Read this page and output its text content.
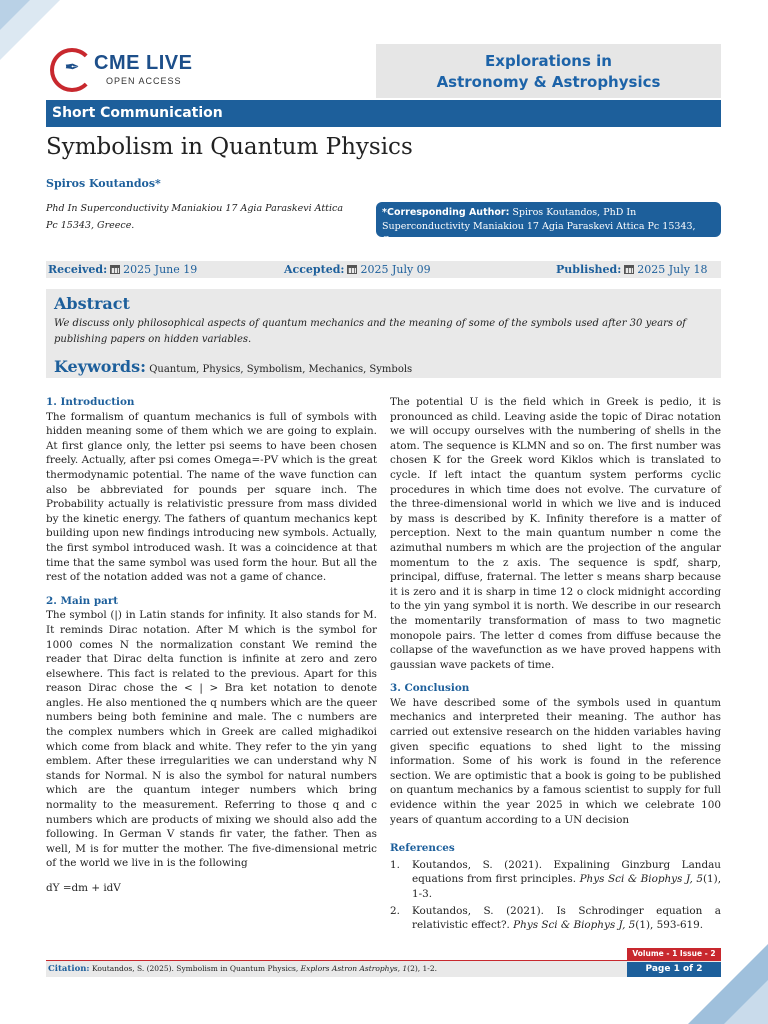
✒ CME LIVE
OPEN ACCESS
Explorations in
Astronomy & Astrophysics
Short Communication
Symbolism in Quantum Physics
Spiros Koutandos*
Phd In Superconductivity Maniakiou 17 Agia Paraskevi Attica Pc 15343, Greece.
*Corresponding Author: Spiros Koutandos, PhD In Superconductivity Maniakiou 17 Agia Paraskevi Attica Pc 15343, Greece.
Received: 2025 June 19	Accepted: 2025 July 09	Published: 2025 July 18
Abstract
We discuss only philosophical aspects of quantum mechanics and the meaning of some of the symbols used after 30 years of publishing papers on hidden variables.
Keywords: Quantum, Physics, Symbolism, Mechanics, Symbols
1. Introduction
The formalism of quantum mechanics is full of symbols with hidden meaning some of them which we are going to explain. At first glance only, the letter psi seems to have been chosen freely. Actually, after psi comes Omega=-PV which is the great thermodynamic potential. The name of the wave function can also be abbreviated for pounds per square inch. The Probability actually is relativistic pressure from mass divided by the kinetic energy. The fathers of quantum mechanics kept building upon new findings introducing new symbols. Actually, the first symbol introduced wash. It was a coincidence at that time that the same symbol was used form the hour. But all the rest of the notation added was not a game of chance.
2. Main part
The symbol (|) in Latin stands for infinity. It also stands for M. It reminds Dirac notation. After M which is the symbol for 1000 comes N the normalization constant We remind the reader that Dirac delta function is infinite at zero and zero elsewhere. This fact is related to the previous. Apart for this reason Dirac chose the < | > Bra ket notation to denote angles. He also mentioned the q numbers which are the queer numbers being both feminine and male. The c numbers are the complex numbers which in Greek are called mighadikoi which come from black and white. They refer to the yin yang emblem. After these irregularities we can understand why N stands for Normal. N is also the symbol for natural numbers which are the quantum integer numbers which bring normality to the measurement. Referring to those q and c numbers which are products of mixing we should also add the following. In German V stands fir vater, the father. Then as well, M is for mutter the mother. The five-dimensional metric of the world we live in is the following
dY =dm + idV
The potential U is the field which in Greek is pedio, it is pronounced as child. Leaving aside the topic of Dirac notation we will occupy ourselves with the numbering of shells in the atom. The sequence is KLMN and so on. The first number was chosen K for the Greek word Kiklos which is translated to cycle. If left intact the quantum system performs cyclic procedures in which time does not evolve. The curvature of the three-dimensional world in which we live and is induced by mass is described by K. Infinity therefore is a matter of perception. Next to the main quantum number n come the azimuthal numbers m which are the projection of the angular momentum to the z axis. The sequence is spdf, sharp, principal, diffuse, fraternal. The letter s means sharp because it is zero and it is sharp in time 12 o clock midnight according to the yin yang symbol it is north. We describe in our research the momentarily transformation of mass to two magnetic monopole pairs. The letter d comes from diffuse because the collapse of the wavefunction as we have proved happens with gaussian wave packets of time.
3. Conclusion
We have described some of the symbols used in quantum mechanics and interpreted their meaning. The author has carried out extensive research on the hidden variables having given specific equations to shed light to the missing information. Some of his work is found in the reference section. We are optimistic that a book is going to be published on quantum mechanics by a famous scientist to supply for full evidence within the year 2025 in which we celebrate 100 years of quantum according to a UN decision
References
1.	Koutandos, S. (2021). Expalining Ginzburg Landau equations from first principles. Phys Sci & Biophys J, 5(1), 1-3.
2.	Koutandos, S. (2021). Is Schrodinger equation a relativistic effect?. Phys Sci & Biophys J, 5(1), 593-619.
Volume - 1 Issue - 2
Citation: Koutandos, S. (2025). Symbolism in Quantum Physics, Explors Astron Astrophys, 1(2), 1-2.	Page 1 of 2
